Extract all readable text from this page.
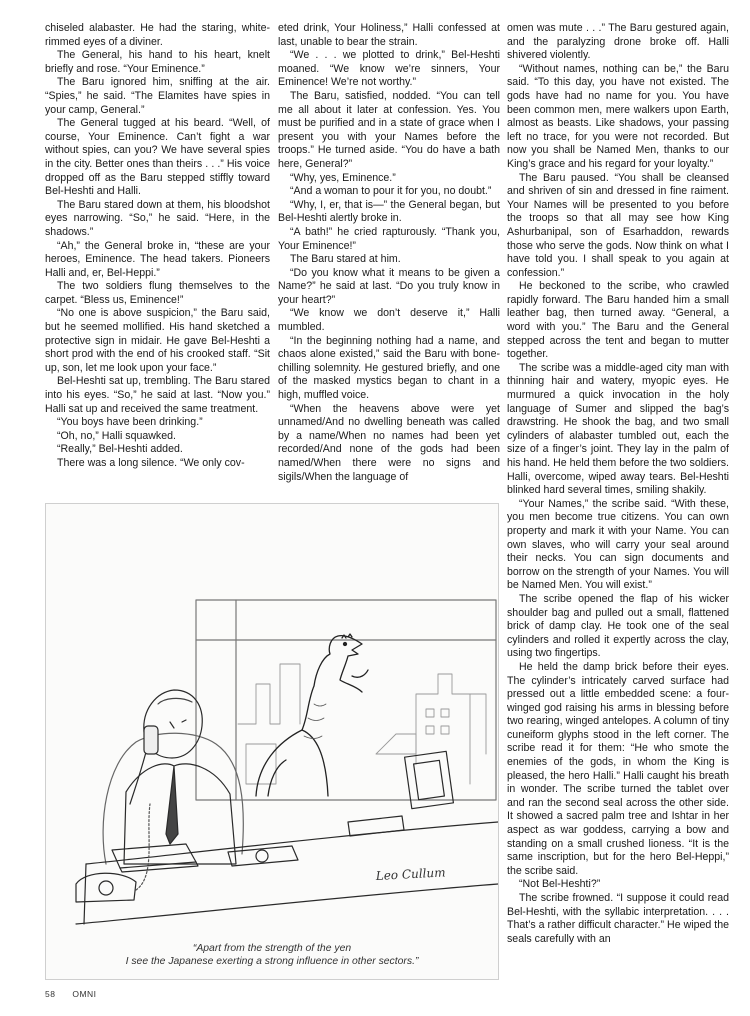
chiseled alabaster. He had the staring, white-rimmed eyes of a diviner.

The General, his hand to his heart, knelt briefly and rose. “Your Eminence.”

The Baru ignored him, sniffing at the air. “Spies,” he said. “The Elamites have spies in your camp, General.”

The General tugged at his beard. “Well, of course, Your Eminence. Can’t fight a war without spies, can you? We have several spies in the city. Better ones than theirs . . .” His voice dropped off as the Baru stepped stiffly toward Bel-Heshti and Halli.

The Baru stared down at them, his bloodshot eyes narrowing. “So,” he said. “Here, in the shadows.”

“Ah,” the General broke in, “these are your heroes, Eminence. The head takers. Pioneers Halli and, er, Bel-Heppi.”

The two soldiers flung themselves to the carpet. “Bless us, Eminence!”

“No one is above suspicion,” the Baru said, but he seemed mollified. His hand sketched a protective sign in midair. He gave Bel-Heshti a short prod with the end of his crooked staff. “Sit up, son, let me look upon your face.”

Bel-Heshti sat up, trembling. The Baru stared into his eyes. “So,” he said at last. “Now you.” Halli sat up and received the same treatment.

“You boys have been drinking.”

“Oh, no,” Halli squawked.

“Really,” Bel-Heshti added.

There was a long silence. “We only cov-

eted drink, Your Holiness,” Halli confessed at last, unable to bear the strain.

“We . . . we plotted to drink,” Bel-Heshti moaned. “We know we’re sinners, Your Eminence! We’re not worthy.”

The Baru, satisfied, nodded. “You can tell me all about it later at confession. Yes. You must be purified and in a state of grace when I present you with your Names before the troops.” He turned aside. “You do have a bath here, General?”

“Why, yes, Eminence.”

“And a woman to pour it for you, no doubt.”

“Why, I, er, that is—” the General began, but Bel-Heshti alertly broke in.

“A bath!” he cried rapturously. “Thank you, Your Eminence!”

The Baru stared at him.

“Do you know what it means to be given a Name?” he said at last. “Do you truly know in your heart?”

“We know we don’t deserve it,” Halli mumbled.

“In the beginning nothing had a name, and chaos alone existed,” said the Baru with bone-chilling solemnity. He gestured briefly, and one of the masked mystics began to chant in a high, muffled voice.

“When the heavens above were yet unnamed/And no dwelling beneath was called by a name/When no names had been yet recorded/And none of the gods had been named/When there were no signs and sigils/When the language of

omen was mute . . .” The Baru gestured again, and the paralyzing drone broke off. Halli shivered violently.

“Without names, nothing can be,” the Baru said. “To this day, you have not existed. The gods have had no name for you. You have been common men, mere walkers upon Earth, almost as beasts. Like shadows, your passing left no trace, for you were not recorded. But now you shall be Named Men, thanks to our King’s grace and his regard for your loyalty.”

The Baru paused. “You shall be cleansed and shriven of sin and dressed in fine raiment. Your Names will be presented to you before the troops so that all may see how King Ashurbanipal, son of Esarhaddon, rewards those who serve the gods. Now think on what I have told you. I shall speak to you again at confession.”

He beckoned to the scribe, who crawled rapidly forward. The Baru handed him a small leather bag, then turned away. “General, a word with you.” The Baru and the General stepped across the tent and began to mutter together.

The scribe was a middle-aged city man with thinning hair and watery, myopic eyes. He murmured a quick invocation in the holy language of Sumer and slipped the bag’s drawstring. He shook the bag, and two small cylinders of alabaster tumbled out, each the size of a finger’s joint. They lay in the palm of his hand. He held them before the two soldiers. Halli, overcome, wiped away tears. Bel-Heshti blinked hard several times, smiling shakily.

“Your Names,” the scribe said. “With these, you men become true citizens. You can own property and mark it with your Name. You can own slaves, who will carry your seal around their necks. You can sign documents and borrow on the strength of your Names. You will be Named Men. You will exist.”

The scribe opened the flap of his wicker shoulder bag and pulled out a small, flattened brick of damp clay. He took one of the seal cylinders and rolled it expertly across the clay, using two fingertips.

He held the damp brick before their eyes. The cylinder’s intricately carved surface had pressed out a little embedded scene: a four-winged god raising his arms in blessing before two rearing, winged antelopes. A column of tiny cuneiform glyphs stood in the left corner. The scribe read it for them: “He who smote the enemies of the gods, in whom the King is pleased, the hero Halli.” Halli caught his breath in wonder. The scribe turned the tablet over and ran the second seal across the other side. It showed a sacred palm tree and Ishtar in her aspect as war goddess, carrying a bow and standing on a small crushed lioness. “It is the same inscription, but for the hero Bel-Heppi,” the scribe said.

“Not Bel-Heshti?”

The scribe frowned. “I suppose it could read Bel-Heshti, with the syllabic interpretation. . . . That’s a rather difficult character.” He wiped the seals carefully with an

Leo Cullum
“Apart from the strength of the yen
I see the Japanese exerting a strong influence in other sectors.”
58 OMNI
